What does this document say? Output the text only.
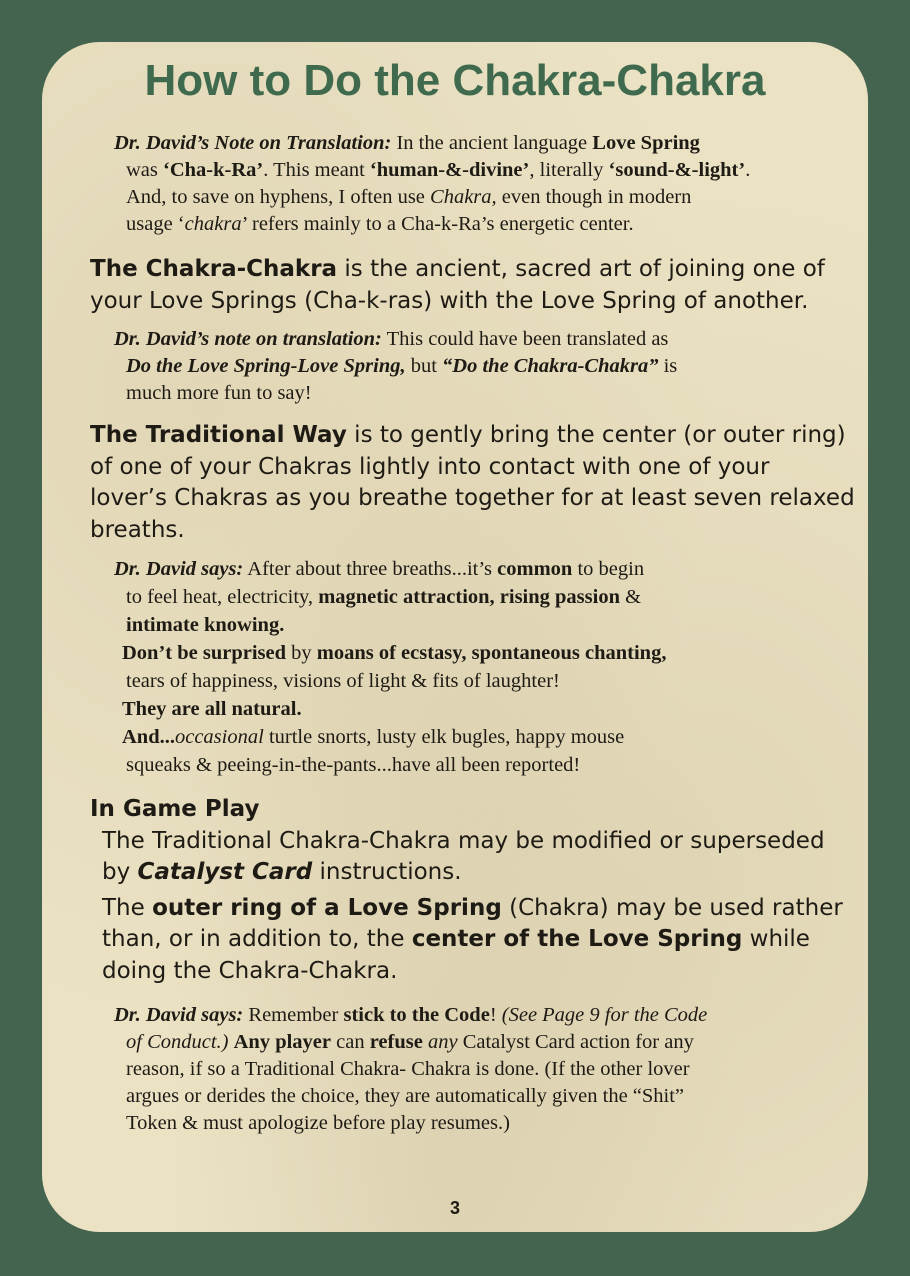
How to Do the Chakra-Chakra
Dr. David’s Note on Translation: In the ancient language Love Spring
was ‘Cha-k-Ra’. This meant ‘human-&-divine’, literally ‘sound-&-light’.
And, to save on hyphens, I often use Chakra, even though in modern
usage ‘chakra’ refers mainly to a Cha-k-Ra’s energetic center.
The Chakra-Chakra is the ancient, sacred art of joining one of
your Love Springs (Cha-k-ras) with the Love Spring of another.
Dr. David’s note on translation: This could have been translated as
Do the Love Spring-Love Spring, but “Do the Chakra-Chakra” is
much more fun to say!
The Traditional Way is to gently bring the center (or outer ring)
of one of your Chakras lightly into contact with one of your
lover’s Chakras as you breathe together for at least seven relaxed
breaths.
Dr. David says: After about three breaths...it’s common to begin
to feel heat, electricity, magnetic attraction, rising passion &
intimate knowing.
Don’t be surprised by moans of ecstasy, spontaneous chanting,
tears of happiness, visions of light & fits of laughter!
They are all natural.
And...occasional turtle snorts, lusty elk bugles, happy mouse
squeaks & peeing-in-the-pants...have all been reported!
In Game Play
The Traditional Chakra-Chakra may be modified or superseded
by Catalyst Card instructions.
The outer ring of a Love Spring (Chakra) may be used rather
than, or in addition to, the center of the Love Spring while
doing the Chakra-Chakra.
Dr. David says: Remember stick to the Code! (See Page 9 for the Code
of Conduct.) Any player can refuse any Catalyst Card action for any
reason, if so a Traditional Chakra- Chakra is done. (If the other lover
argues or derides the choice, they are automatically given the “Shit”
Token & must apologize before play resumes.)
3
